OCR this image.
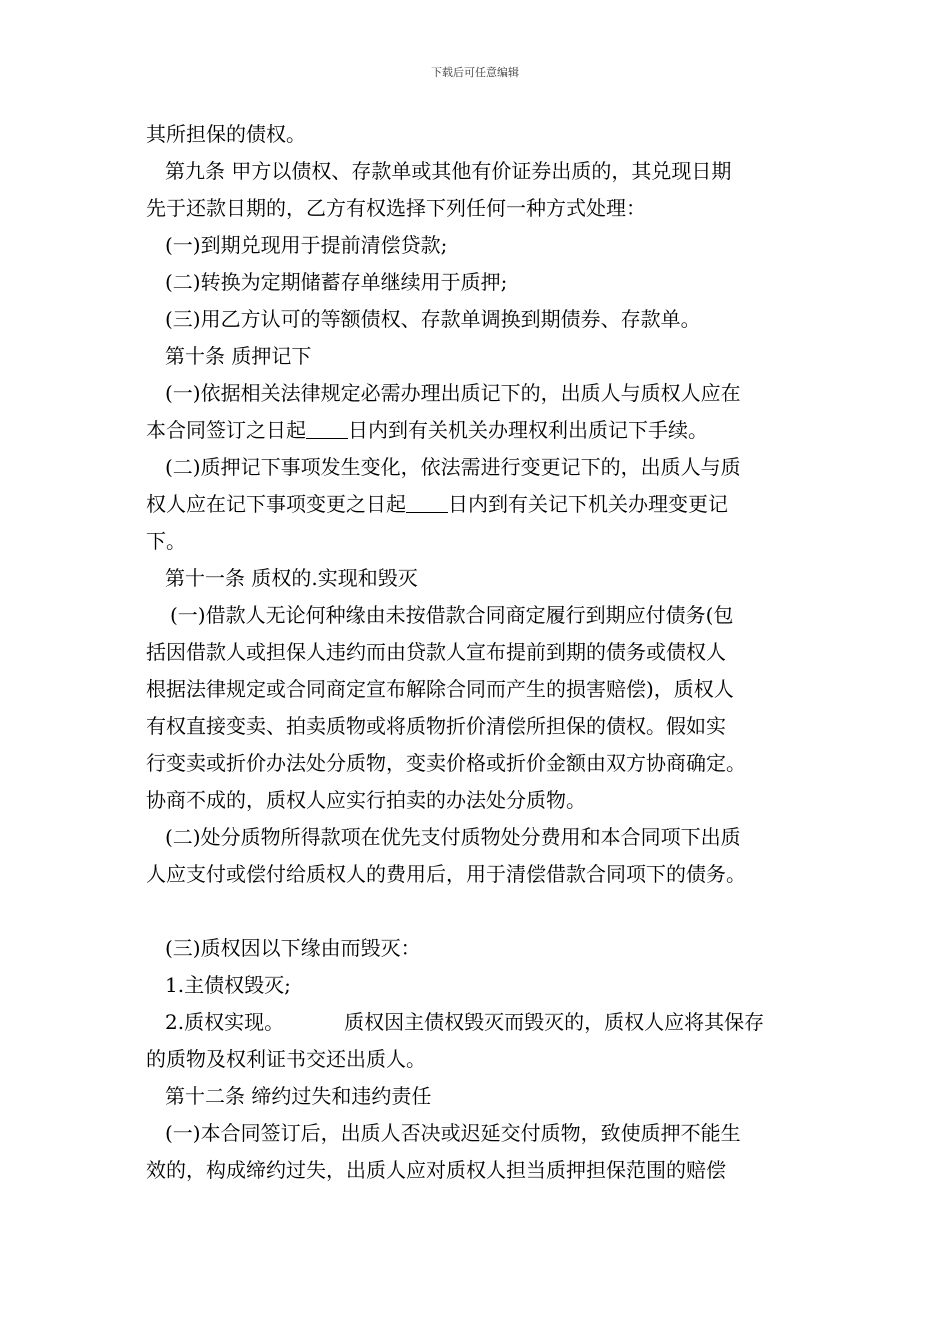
下载后可任意编辑
其所担保的债权。
第九条 甲方以债权、存款单或其他有价证券出质的，其兑现日期
先于还款日期的，乙方有权选择下列任何一种方式处理：
(一)到期兑现用于提前清偿贷款;
(二)转换为定期储蓄存单继续用于质押;
(三)用乙方认可的等额债权、存款单调换到期债券、存款单。
第十条 质押记下
(一)依据相关法律规定必需办理出质记下的，出质人与质权人应在
本合同签订之日起 日内到有关机关办理权利出质记下手续。
(二)质押记下事项发生变化，依法需进行变更记下的，出质人与质
权人应在记下事项变更之日起 日内到有关记下机关办理变更记
下。
第十一条 质权的.实现和毁灭
(一)借款人无论何种缘由未按借款合同商定履行到期应付债务(包
括因借款人或担保人违约而由贷款人宣布提前到期的债务或债权人
根据法律规定或合同商定宣布解除合同而产生的损害赔偿)，质权人
有权直接变卖、拍卖质物或将质物折价清偿所担保的债权。假如实
行变卖或折价办法处分质物，变卖价格或折价金额由双方协商确定。
协商不成的，质权人应实行拍卖的办法处分质物。
(二)处分质物所得款项在优先支付质物处分费用和本合同项下出质
人应支付或偿付给质权人的费用后，用于清偿借款合同项下的债务。
(三)质权因以下缘由而毁灭：
1.主债权毁灭;
2.质权实现。	质权因主债权毁灭而毁灭的，质权人应将其保存
的质物及权利证书交还出质人。
第十二条 缔约过失和违约责任
(一)本合同签订后，出质人否决或迟延交付质物，致使质押不能生
效的，构成缔约过失，出质人应对质权人担当质押担保范围的赔偿
